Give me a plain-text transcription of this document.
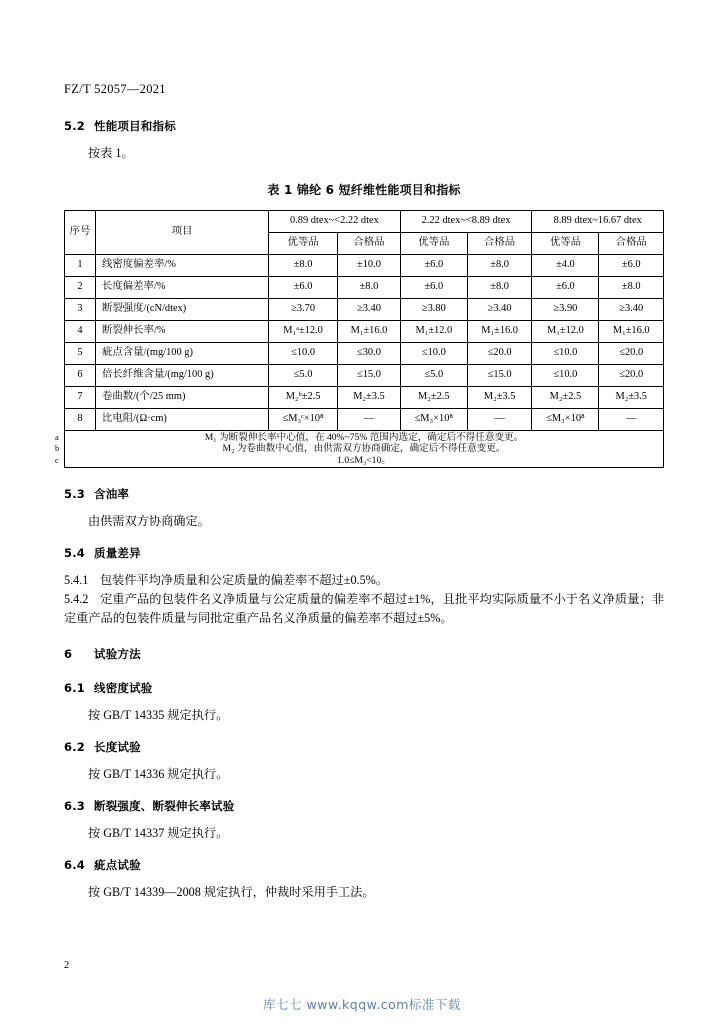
FZ/T 52057—2021
5.2 性能项目和指标

按表 1。

表 1 锦纶 6 短纤维性能项目和指标
序号	项目	0.89 dtex~<2.22 dtex		2.22 dtex~<8.89 dtex		8.89 dtex~16.67 dtex	
		优等品	合格品	优等品	合格品	优等品	合格品
1	线密度偏差率/%	±8.0	±10.0	±6.0	±8.0	±4.0	±6.0
2	长度偏差率/%	±6.0	±8.0	±6.0	±8.0	±6.0	±8.0
3	断裂强度/(cN/dtex)	≥3.70	≥3.40	≥3.80	≥3.40	≥3.90	≥3.40
4	断裂伸长率/%	M₁ᵃ±12.0	M₁±16.0	M₁±12.0	M₁±16.0	M₁±12.0	M₁±16.0
5	疵点含量/(mg/100 g)	≤10.0	≤30.0	≤10.0	≤20.0	≤10.0	≤20.0
6	倍长纤维含量/(mg/100 g)	≤5.0	≤15.0	≤5.0	≤15.0	≤10.0	≤20.0
7	卷曲数/(个/25 mm)	M₂ᵇ±2.5	M₂±3.5	M₂±2.5	M₂±3.5	M₂±2.5	M₂±3.5
8	比电阻/(Ω·cm)	≤M₃ᶜ×10⁸	—	≤M₃×10⁸	—	≤M₃×10⁸	—

a	M₁ 为断裂伸长率中心值，在 40%~75% 范围内选定，确定后不得任意变更。
b	M₂ 为卷曲数中心值，由供需双方协商确定，确定后不得任意变更。
c	1.0≤M₃<10。
5.3 含油率

由供需双方协商确定。

5.4 质量差异

5.4.1 包装件平均净质量和公定质量的偏差率不超过±0.5%。

5.4.2 定重产品的包装件名义净质量与公定质量的偏差率不超过±1%，且批平均实际质量不小于名义净质量；非定重产品的包装件质量与同批定重产品名义净质量的偏差率不超过±5%。

6 试验方法
6.1 线密度试验

按 GB/T 14335 规定执行。

6.2 长度试验

按 GB/T 14336 规定执行。

6.3 断裂强度、断裂伸长率试验

按 GB/T 14337 规定执行。

6.4 疵点试验

按 GB/T 14339—2008 规定执行，仲裁时采用手工法。

2
库七七 www.kqqw.com标准下载
